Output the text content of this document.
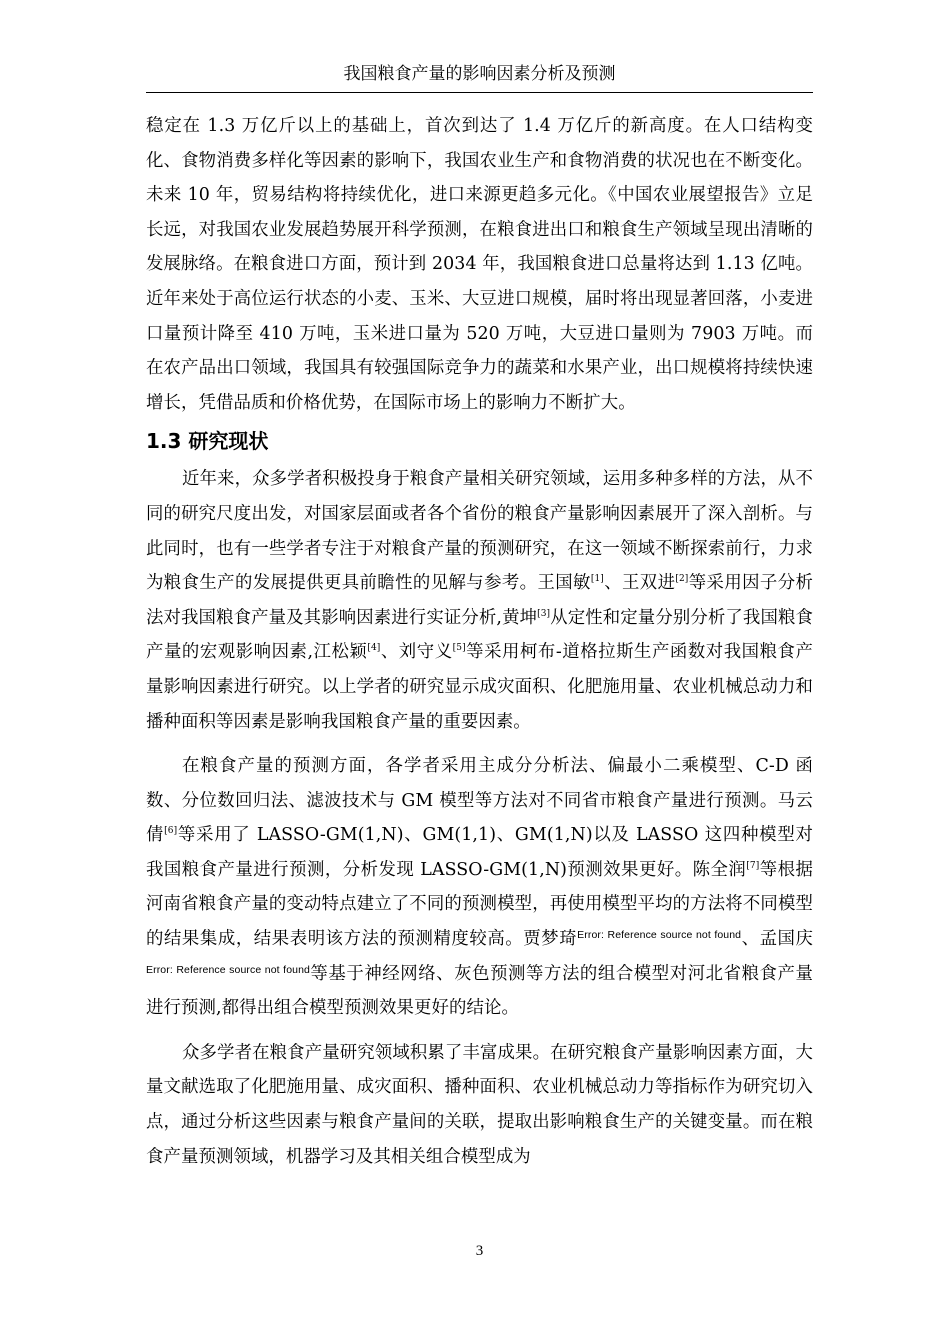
我国粮食产量的影响因素分析及预测

稳定在 1.3 万亿斤以上的基础上，首次到达了 1.4 万亿斤的新高度。在人口结构变化、食物消费多样化等因素的影响下，我国农业生产和食物消费的状况也在不断变化。未来 10 年，贸易结构将持续优化，进口来源更趋多元化。《中国农业展望报告》立足长远，对我国农业发展趋势展开科学预测，在粮食进出口和粮食生产领域呈现出清晰的发展脉络。在粮食进口方面，预计到 2034 年，我国粮食进口总量将达到 1.13 亿吨。近年来处于高位运行状态的小麦、玉米、大豆进口规模，届时将出现显著回落，小麦进口量预计降至 410 万吨，玉米进口量为 520 万吨，大豆进口量则为 7903 万吨。而在农产品出口领域，我国具有较强国际竞争力的蔬菜和水果产业，出口规模将持续快速增长，凭借品质和价格优势，在国际市场上的影响力不断扩大。

1.3 研究现状

近年来，众多学者积极投身于粮食产量相关研究领域，运用多种多样的方法，从不同的研究尺度出发，对国家层面或者各个省份的粮食产量影响因素展开了深入剖析。与此同时，也有一些学者专注于对粮食产量的预测研究，在这一领域不断探索前行，力求为粮食生产的发展提供更具前瞻性的见解与参考。王国敏[1]、王双进[2]等采用因子分析法对我国粮食产量及其影响因素进行实证分析,黄坤[3]从定性和定量分别分析了我国粮食产量的宏观影响因素,江松颖[4]、刘守义[5]等采用柯布-道格拉斯生产函数对我国粮食产量影响因素进行研究。以上学者的研究显示成灾面积、化肥施用量、农业机械总动力和播种面积等因素是影响我国粮食产量的重要因素。

在粮食产量的预测方面，各学者采用主成分分析法、偏最小二乘模型、C-D 函数、分位数回归法、滤波技术与 GM 模型等方法对不同省市粮食产量进行预测。马云倩[6]等采用了 LASSO-GM(1,N)、GM(1,1)、GM(1,N)以及 LASSO 这四种模型对我国粮食产量进行预测，分析发现 LASSO-GM(1,N)预测效果更好。陈全润[7]等根据河南省粮食产量的变动特点建立了不同的预测模型，再使用模型平均的方法将不同模型的结果集成，结果表明该方法的预测精度较高。贾梦琦$^{Error: Reference source not found}$、孟国庆$^{Error: Reference source not found}$等基于神经网络、灰色预测等方法的组合模型对河北省粮食产量进行预测,都得出组合模型预测效果更好的结论。

众多学者在粮食产量研究领域积累了丰富成果。在研究粮食产量影响因素方面，大量文献选取了化肥施用量、成灾面积、播种面积、农业机械总动力等指标作为研究切入点，通过分析这些因素与粮食产量间的关联，提取出影响粮食生产的关键变量。而在粮食产量预测领域，机器学习及其相关组合模型成为

3
